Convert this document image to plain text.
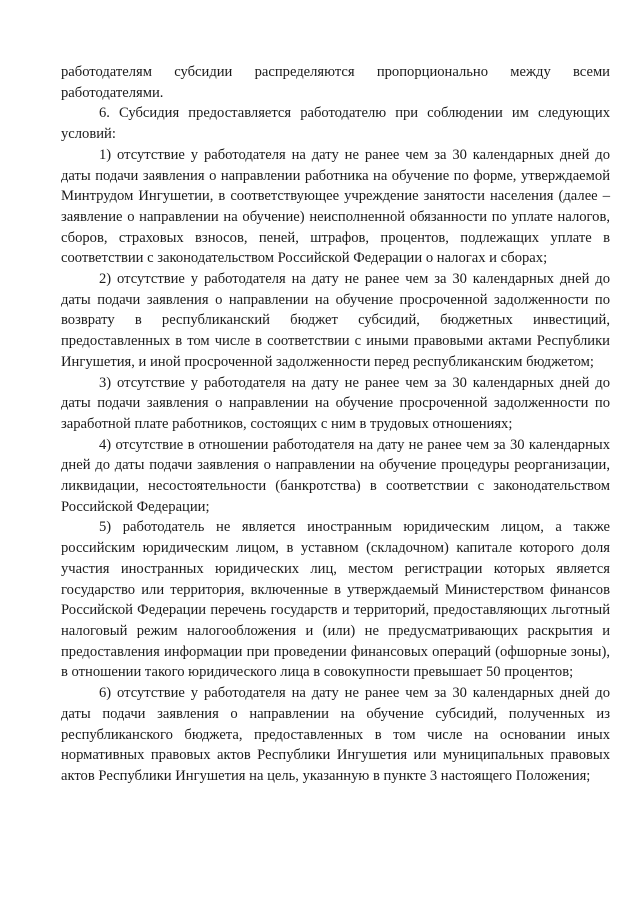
работодателям субсидии распределяются пропорционально между всеми работодателями.

6. Субсидия предоставляется работодателю при соблюдении им следующих условий:

1) отсутствие у работодателя на дату не ранее чем за 30 календарных дней до даты подачи заявления о направлении работника на обучение по форме, утверждаемой Минтрудом Ингушетии, в соответствующее учреждение занятости населения (далее – заявление о направлении на обучение) неисполненной обязанности по уплате налогов, сборов, страховых взносов, пеней, штрафов, процентов, подлежащих уплате в соответствии с законодательством Российской Федерации о налогах и сборах;

2) отсутствие у работодателя на дату не ранее чем за 30 календарных дней до даты подачи заявления о направлении на обучение просроченной задолженности по возврату в республиканский бюджет субсидий, бюджетных инвестиций, предоставленных в том числе в соответствии с иными правовыми актами Республики Ингушетия, и иной просроченной задолженности перед республиканским бюджетом;

3) отсутствие у работодателя на дату не ранее чем за 30 календарных дней до даты подачи заявления о направлении на обучение просроченной задолженности по заработной плате работников, состоящих с ним в трудовых отношениях;

4) отсутствие в отношении работодателя на дату не ранее чем за 30 календарных дней до даты подачи заявления о направлении на обучение процедуры реорганизации, ликвидации, несостоятельности (банкротства) в соответствии с законодательством Российской Федерации;

5) работодатель не является иностранным юридическим лицом, а также российским юридическим лицом, в уставном (складочном) капитале которого доля участия иностранных юридических лиц, местом регистрации которых является государство или территория, включенные в утверждаемый Министерством финансов Российской Федерации перечень государств и территорий, предоставляющих льготный налоговый режим налогообложения и (или) не предусматривающих раскрытия и предоставления информации при проведении финансовых операций (офшорные зоны), в отношении такого юридического лица в совокупности превышает 50 процентов;

6) отсутствие у работодателя на дату не ранее чем за 30 календарных дней до даты подачи заявления о направлении на обучение субсидий, полученных из республиканского бюджета, предоставленных в том числе на основании иных нормативных правовых актов Республики Ингушетия или муниципальных правовых актов Республики Ингушетия на цель, указанную в пункте 3 настоящего Положения;
